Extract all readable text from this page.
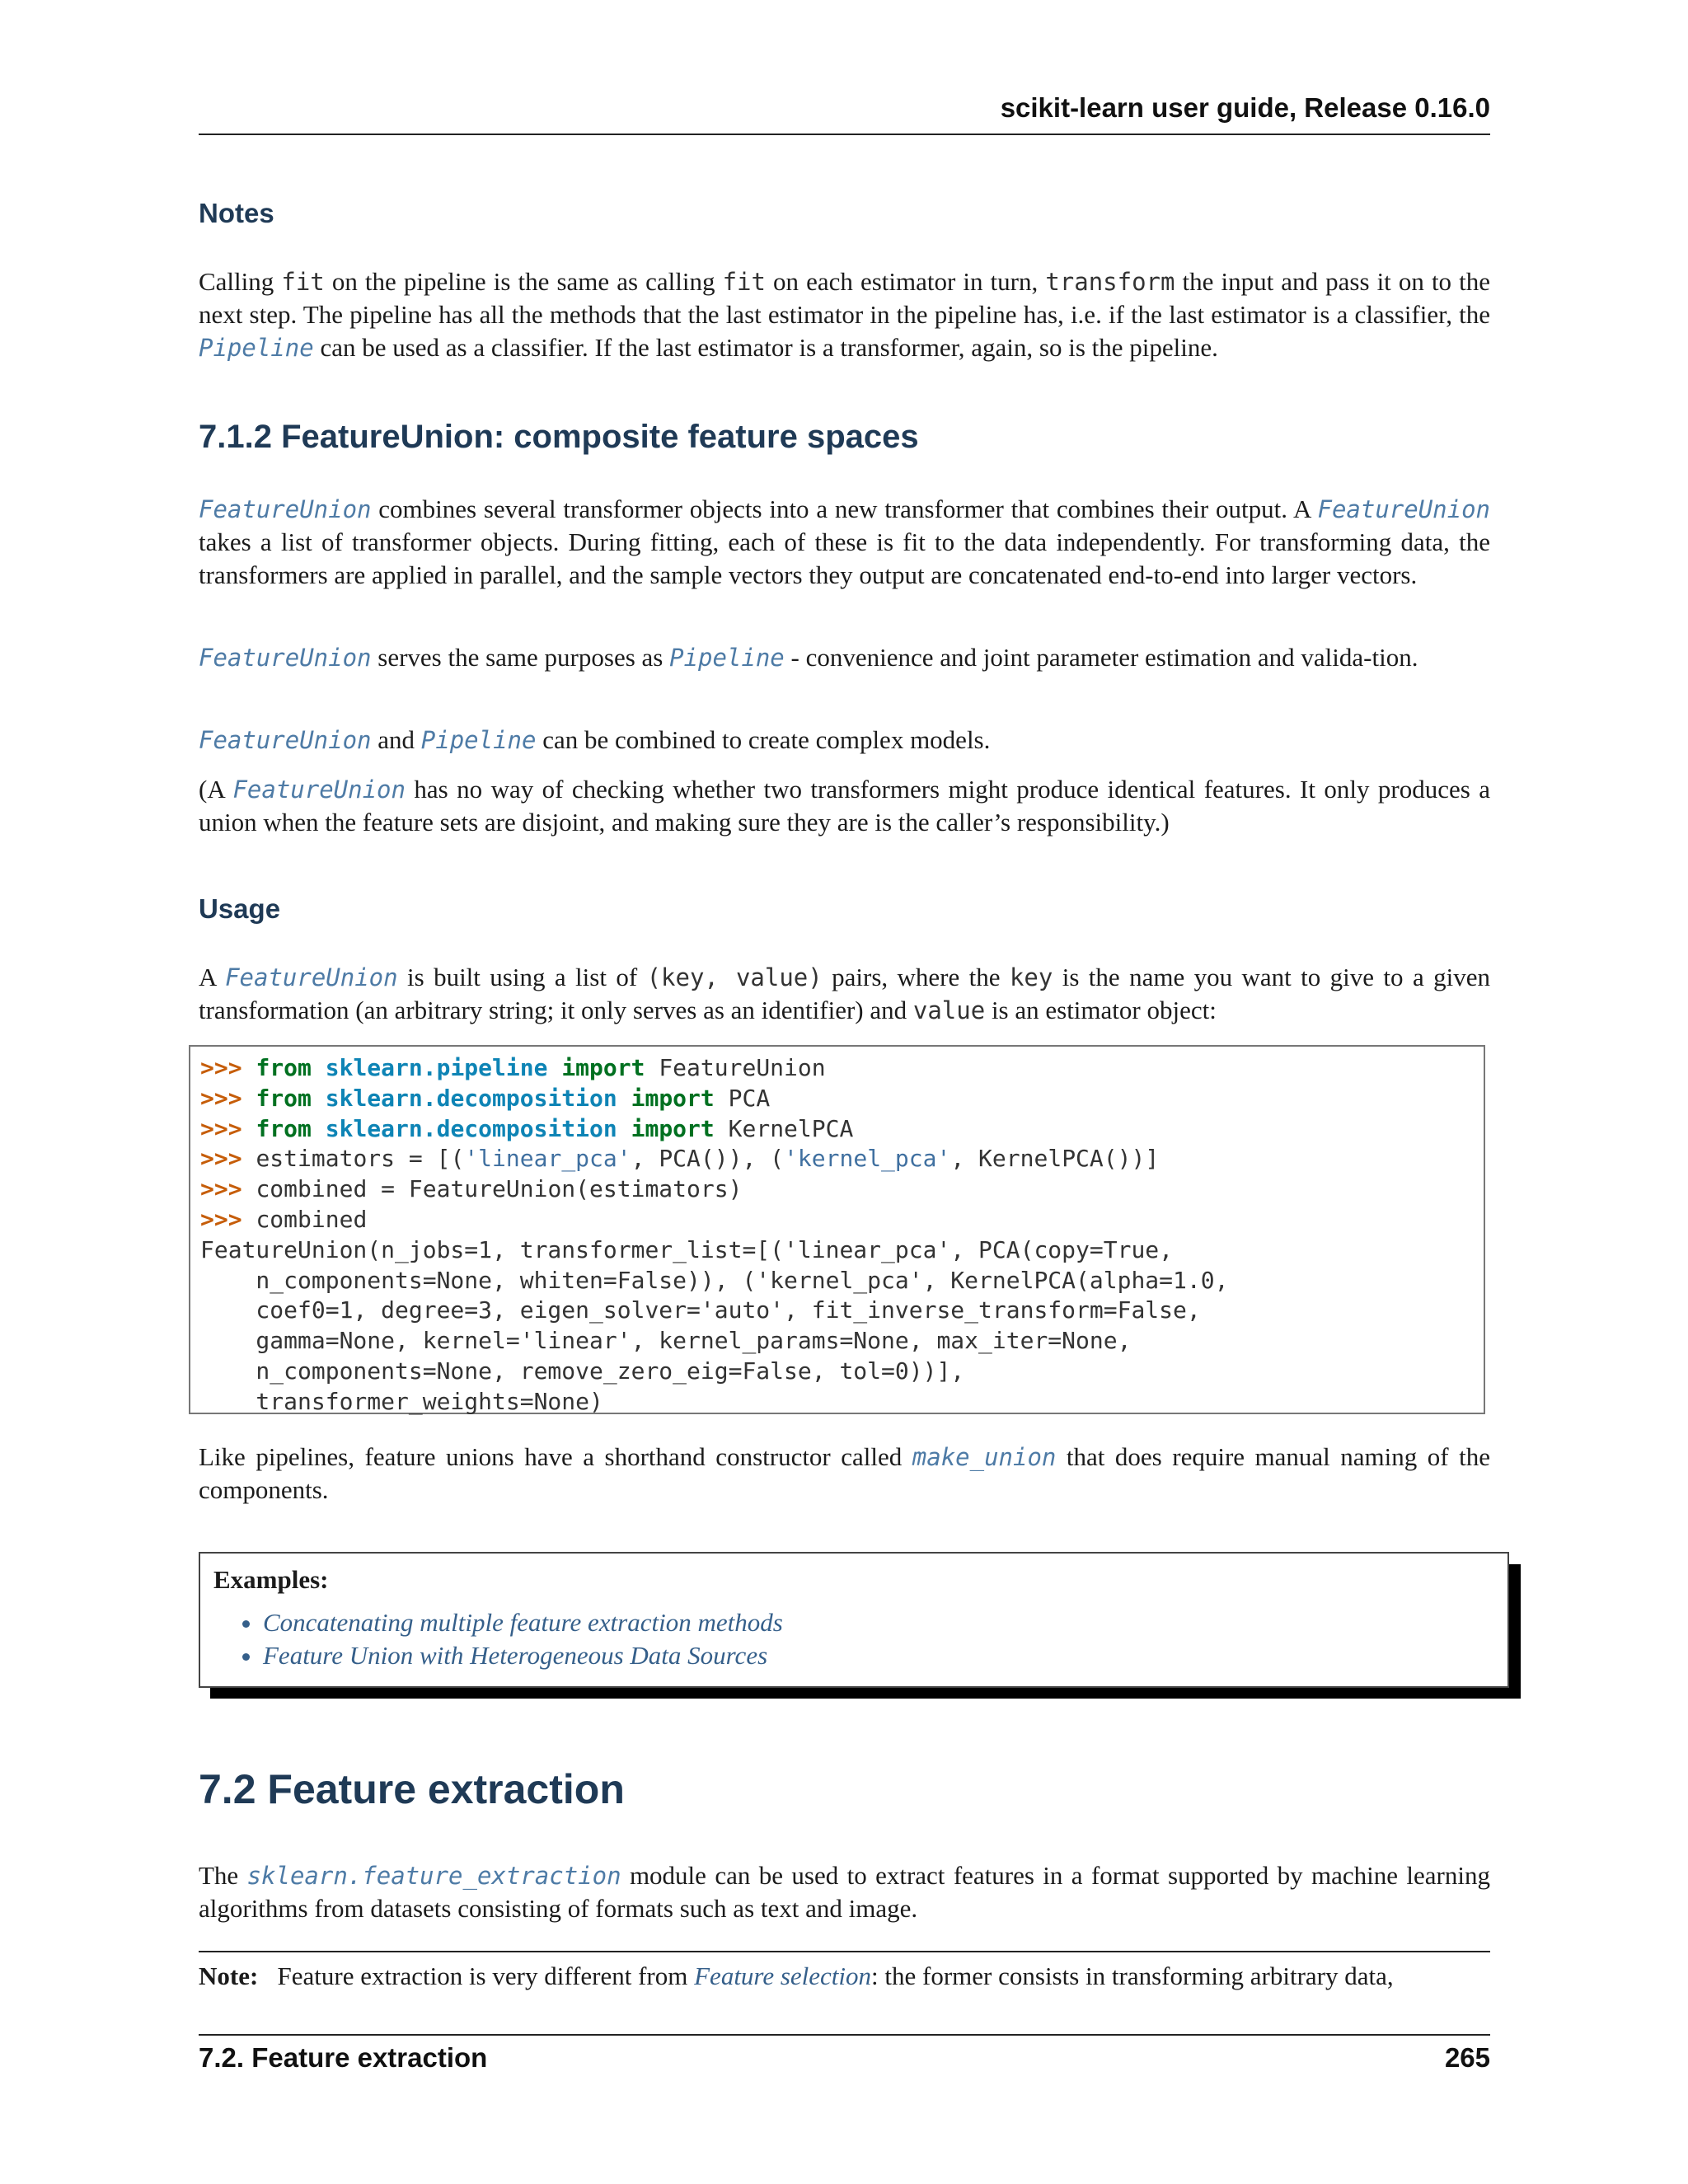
scikit-learn user guide, Release 0.16.0
Notes
Calling fit on the pipeline is the same as calling fit on each estimator in turn, transform the input and pass it on to the next step. The pipeline has all the methods that the last estimator in the pipeline has, i.e. if the last estimator is a classifier, the Pipeline can be used as a classifier. If the last estimator is a transformer, again, so is the pipeline.
7.1.2 FeatureUnion: composite feature spaces
FeatureUnion combines several transformer objects into a new transformer that combines their output. A FeatureUnion takes a list of transformer objects. During fitting, each of these is fit to the data independently. For transforming data, the transformers are applied in parallel, and the sample vectors they output are concatenated end-to-end into larger vectors.
FeatureUnion serves the same purposes as Pipeline - convenience and joint parameter estimation and valida-tion.
FeatureUnion and Pipeline can be combined to create complex models.
(A FeatureUnion has no way of checking whether two transformers might produce identical features. It only produces a union when the feature sets are disjoint, and making sure they are is the caller’s responsibility.)
Usage
A FeatureUnion is built using a list of (key, value) pairs, where the key is the name you want to give to a given transformation (an arbitrary string; it only serves as an identifier) and value is an estimator object:
>>> from sklearn.pipeline import FeatureUnion
>>> from sklearn.decomposition import PCA
>>> from sklearn.decomposition import KernelPCA
>>> estimators = [('linear_pca', PCA()), ('kernel_pca', KernelPCA())]
>>> combined = FeatureUnion(estimators)
>>> combined
FeatureUnion(n_jobs=1, transformer_list=[('linear_pca', PCA(copy=True,
n_components=None, whiten=False)), ('kernel_pca', KernelPCA(alpha=1.0,
coef0=1, degree=3, eigen_solver='auto', fit_inverse_transform=False,
gamma=None, kernel='linear', kernel_params=None, max_iter=None,
n_components=None, remove_zero_eig=False, tol=0))],
transformer_weights=None)
Like pipelines, feature unions have a shorthand constructor called make_union that does require manual naming of the components.
Examples:
• Concatenating multiple feature extraction methods
• Feature Union with Heterogeneous Data Sources
7.2 Feature extraction
The sklearn.feature_extraction module can be used to extract features in a format supported by machine learning algorithms from datasets consisting of formats such as text and image.
Note: Feature extraction is very different from Feature selection: the former consists in transforming arbitrary data,
7.2. Feature extraction	265
